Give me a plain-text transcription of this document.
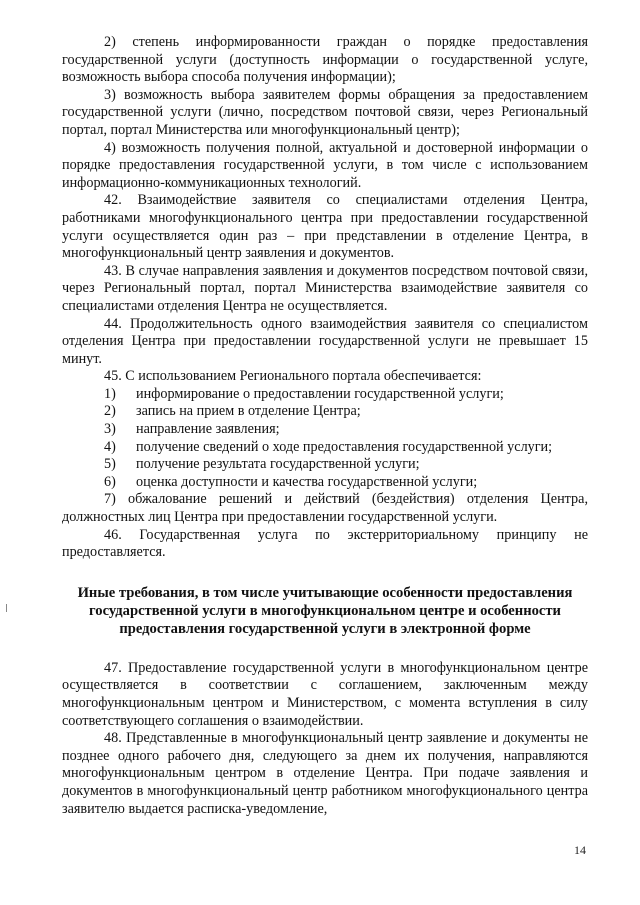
2) степень информированности граждан о порядке предоставления государственной услуги (доступность информации о государственной услуге, возможность выбора способа получения информации);

3) возможность выбора заявителем формы обращения за предоставлением государственной услуги (лично, посредством почтовой связи, через Региональный портал, портал Министерства или многофункциональный центр);

4) возможность получения полной, актуальной и достоверной информации о порядке предоставления государственной услуги, в том числе с использованием информационно-коммуникационных технологий.

42. Взаимодействие заявителя со специалистами отделения Центра, работниками многофункционального центра при предоставлении государственной услуги осуществляется один раз – при представлении в отделение Центра, в многофункциональный центр заявления и документов.

43. В случае направления заявления и документов посредством почтовой связи, через Региональный портал, портал Министерства взаимодействие заявителя со специалистами отделения Центра не осуществляется.

44. Продолжительность одного взаимодействия заявителя со специалистом отделения Центра при предоставлении государственной услуги не превышает 15 минут.

45. С использованием Регионального портала обеспечивается:

1)	информирование о предоставлении государственной услуги;
2)	запись на прием в отделение Центра;
3)	направление заявления;
4)	получение сведений о ходе предоставления государственной услуги;
5)	получение результата государственной услуги;
6)	оценка доступности и качества государственной услуги;

7) обжалование решений и действий (бездействия) отделения Центра, должностных лиц Центра при предоставлении государственной услуги.

46. Государственная услуга по экстерриториальному принципу не предоставляется.

Иные требования, в том числе учитывающие особенности предоставления государственной услуги в многофункциональном центре и особенности предоставления государственной услуги в электронной форме

47. Предоставление государственной услуги в многофункциональном центре осуществляется в соответствии с соглашением, заключенным между многофункциональным центром и Министерством, с момента вступления в силу соответствующего соглашения о взаимодействии.

48. Представленные в многофункциональный центр заявление и документы не позднее одного рабочего дня, следующего за днем их получения, направляются многофункциональным центром в отделение Центра. При подаче заявления и документов в многофункциональный центр работником многофукционального центра заявителю выдается расписка-уведомление,

14
